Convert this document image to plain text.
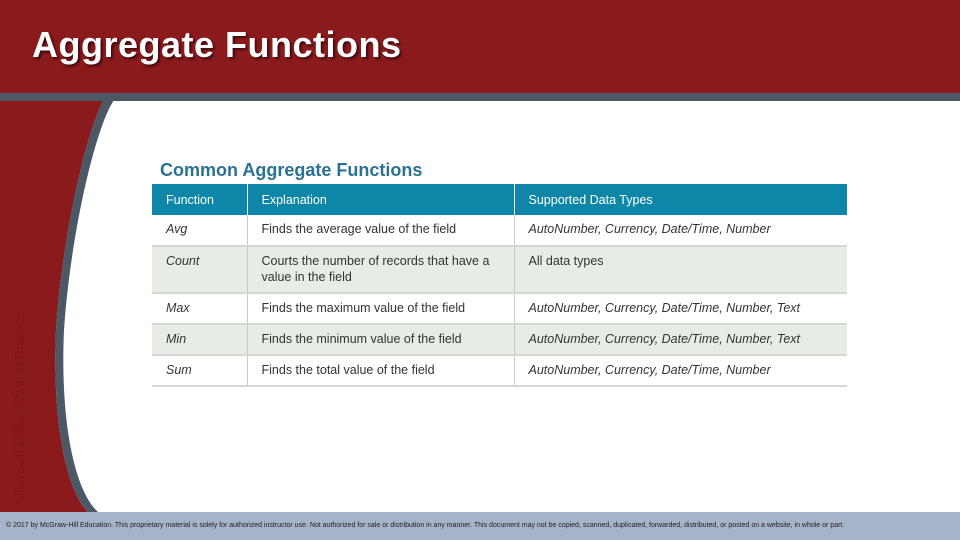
Aggregate Functions
Microsoft Office 2016: In Practice
Common Aggregate Functions
Function	Explanation	Supported Data Types
Avg	Finds the average value of the field	AutoNumber, Currency, Date/Time, Number
Count	Courts the number of records that have a value in the field	All data types
Max	Finds the maximum value of the field	AutoNumber, Currency, Date/Time, Number, Text
Min	Finds the minimum value of the field	AutoNumber, Currency, Date/Time, Number, Text
Sum	Finds the total value of the field	AutoNumber, Currency, Date/Time, Number
© 2017 by McGraw-Hill Education. This proprietary material is solely for authorized instructor use. Not authorized for sale or distribution in any manner. This document may not be copied, scanned, duplicated, forwarded, distributed, or posted on a website, in whole or part.
